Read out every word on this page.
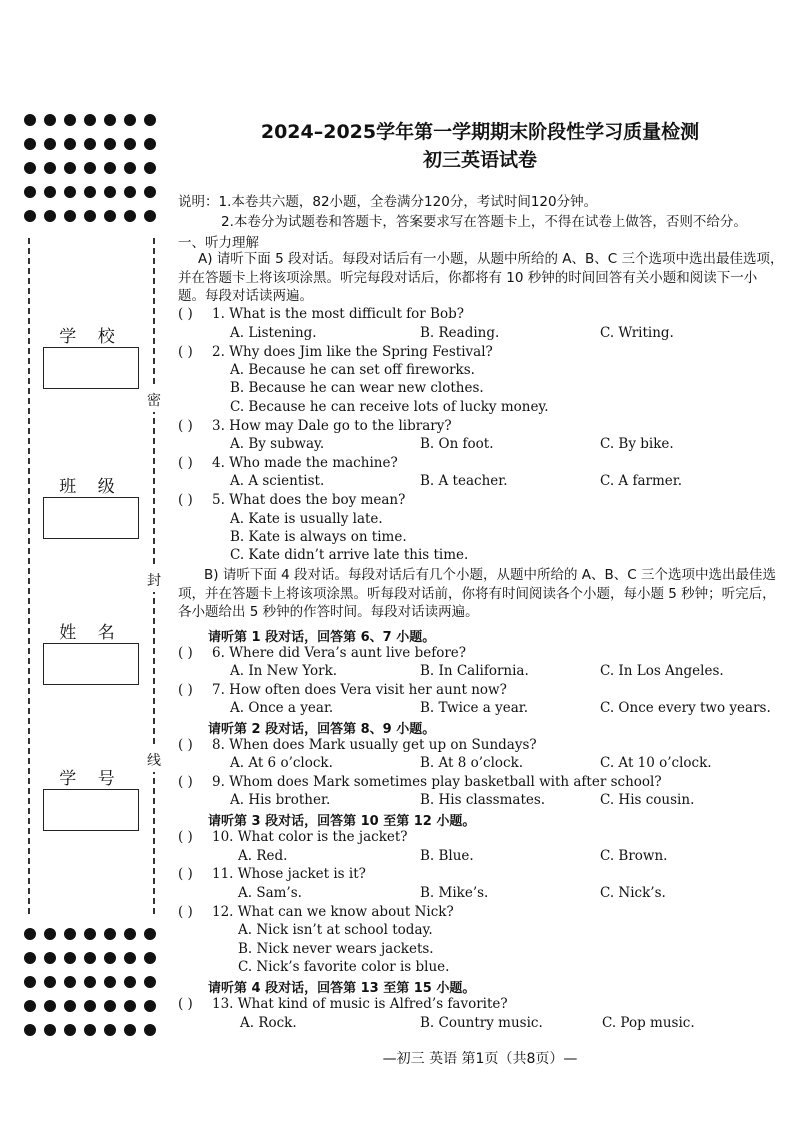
学 校
班 级
姓 名
学 号
密
封
线
2024–2025学年第一学期期末阶段性学习质量检测
初三英语试卷
说明：1.本卷共六题，82小题，全卷满分120分，考试时间120分钟。
2.本卷分为试题卷和答题卡，答案要求写在答题卡上，不得在试卷上做答，否则不给分。
一、听力理解
A) 请听下面 5 段对话。每段对话后有一小题，从题中所给的 A、B、C 三个选项中选出最佳选项，并在答题卡上将该项涂黑。听完每段对话后，你都将有 10 秒钟的时间回答有关小题和阅读下一小题。每段对话读两遍。
( ) 1. What is the most difficult for Bob?
A. Listening.	B. Reading.	C. Writing.
( ) 2. Why does Jim like the Spring Festival?
A. Because he can set off fireworks.
B. Because he can wear new clothes.
C. Because he can receive lots of lucky money.
( ) 3. How may Dale go to the library?
A. By subway.	B. On foot.	C. By bike.
( ) 4. Who made the machine?
A. A scientist.	B. A teacher.	C. A farmer.
( ) 5. What does the boy mean?
A. Kate is usually late.
B. Kate is always on time.
C. Kate didn’t arrive late this time.
B) 请听下面 4 段对话。每段对话后有几个小题，从题中所给的 A、B、C 三个选项中选出最佳选项，并在答题卡上将该项涂黑。听每段对话前，你将有时间阅读各个小题，每小题 5 秒钟；听完后，各小题给出 5 秒钟的作答时间。每段对话读两遍。
请听第 1 段对话，回答第 6、7 小题。
( ) 6. Where did Vera’s aunt live before?
A. In New York.	B. In California.	C. In Los Angeles.
( ) 7. How often does Vera visit her aunt now?
A. Once a year.	B. Twice a year.	C. Once every two years.
请听第 2 段对话，回答第 8、9 小题。
( ) 8. When does Mark usually get up on Sundays?
A. At 6 o’clock.	B. At 8 o’clock.	C. At 10 o’clock.
( ) 9. Whom does Mark sometimes play basketball with after school?
A. His brother.	B. His classmates.	C. His cousin.
请听第 3 段对话，回答第 10 至第 12 小题。
( ) 10. What color is the jacket?
A. Red.	B. Blue.	C. Brown.
( ) 11. Whose jacket is it?
A. Sam’s.	B. Mike’s.	C. Nick’s.
( ) 12. What can we know about Nick?
A. Nick isn’t at school today.
B. Nick never wears jackets.
C. Nick’s favorite color is blue.
请听第 4 段对话，回答第 13 至第 15 小题。
( ) 13. What kind of music is Alfred’s favorite?
A. Rock.	B. Country music.	C. Pop music.
—初三 英语 第1页（共8页）—
